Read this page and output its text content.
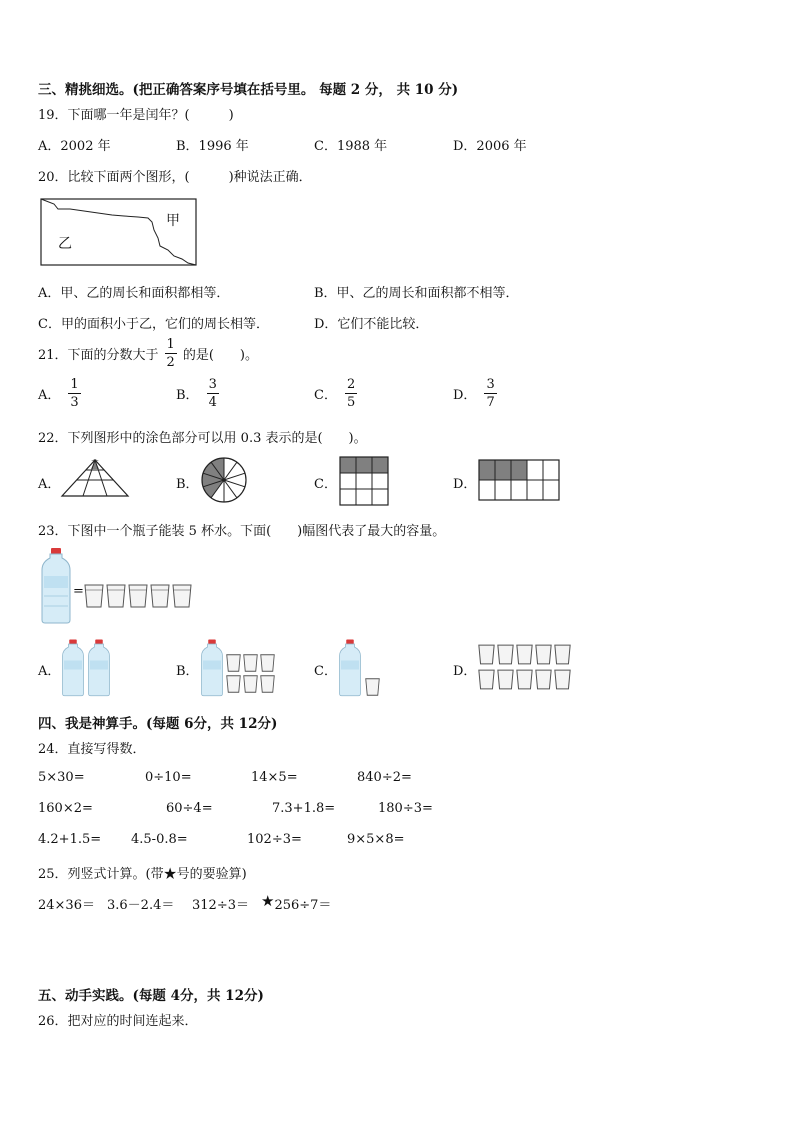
三、精挑细选。(把正确答案序号填在括号里。 每题 2 分， 共 10 分)
19．下面哪一年是闰年？(　　　)
A．2002 年	B．1996 年	C．1988 年	D．2006 年
20．比较下面两个图形，(　　　)种说法正确．
甲
乙
A．甲、乙的周长和面积都相等．	B．甲、乙的周长和面积都不相等．
C．甲的面积小于乙，它们的周长相等．	D．它们不能比较．
21．下面的分数大于 $\frac{1}{2}$ 的是(　　)。
A． $\frac{1}{3}$	B． $\frac{3}{4}$	C． $\frac{2}{5}$	D． $\frac{3}{7}$
22．下列图形中的涂色部分可以用 0.3 表示的是(　　)。
A．	B．	C．	D．
23．下图中一个瓶子能装 5 杯水。下面(　　)幅图代表了最大的容量。
=
A．	B．	C．	D．
四、我是神算手。(每题 6分，共 12分)
24．直接写得数．
5×30=	0÷10=	14×5=	840÷2=
160×2=	60÷4=	7.3+1.8=	180÷3=
4.2+1.5= 4.5-0.8=	102÷3=	9×5×8=
25．列竖式计算。(带★号的要验算)
24×36＝ 3.6－2.4＝ 312÷3＝ ★ 256÷7＝
五、动手实践。(每题 4分，共 12分)
26．把对应的时间连起来．
